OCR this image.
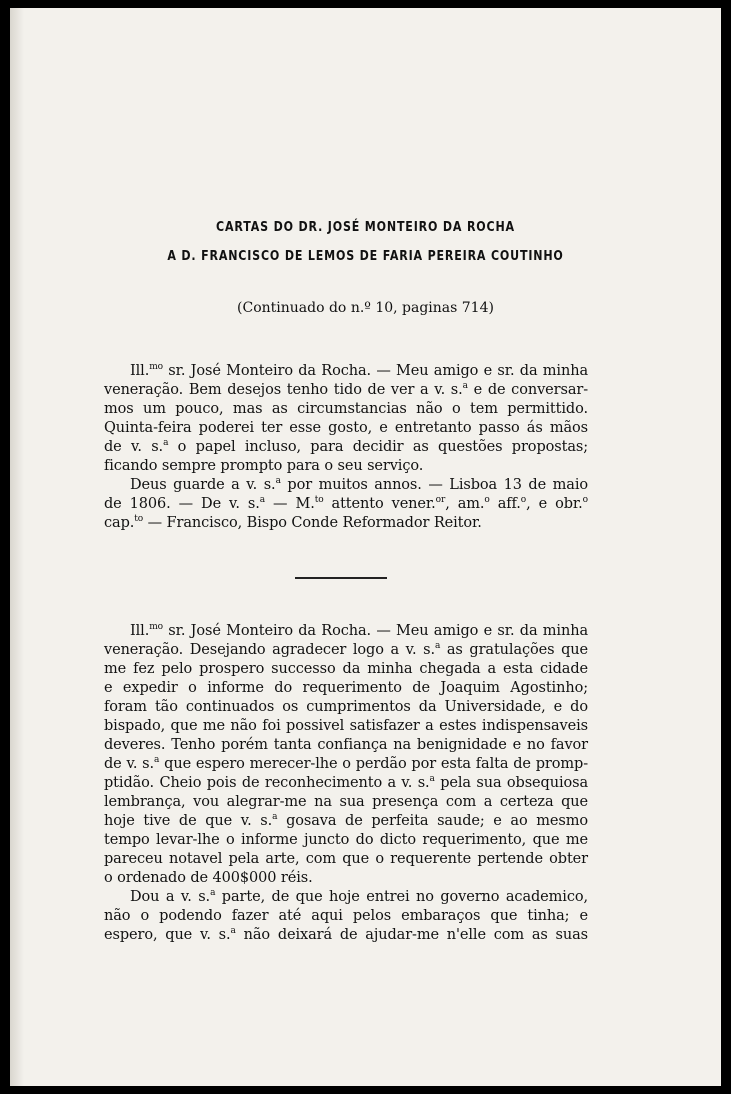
CARTAS DO DR. JOSÉ MONTEIRO DA ROCHA
A D. FRANCISCO DE LEMOS DE FARIA PEREIRA COUTINHO
(Continuado do n.º 10, paginas 714)
Ill.$^{mo}$ sr. José Monteiro da Rocha. — Meu amigo e sr. da minha
veneração. Bem desejos tenho tido de ver a v. s.$^a$ e de conversar-
mos um pouco, mas as circumstancias não o tem permittido.
Quinta-feira poderei ter esse gosto, e entretanto passo ás mãos
de v. s.$^a$ o papel incluso, para decidir as questões propostas;
ficando sempre prompto para o seu serviço.
Deus guarde a v. s.$^a$ por muitos annos. — Lisboa 13 de maio
de 1806. — De v. s.$^a$ — M.$^{to}$ attento vener.$^{or}$, am.$^o$ aff.$^o$, e obr.$^o$
cap.$^{to}$ — Francisco, Bispo Conde Reformador Reitor.
Ill.$^{mo}$ sr. José Monteiro da Rocha. — Meu amigo e sr. da minha
veneração. Desejando agradecer logo a v. s.$^a$ as gratulações que
me fez pelo prospero successo da minha chegada a esta cidade
e expedir o informe do requerimento de Joaquim Agostinho;
foram tão continuados os cumprimentos da Universidade, e do
bispado, que me não foi possivel satisfazer a estes indispensaveis
deveres. Tenho porém tanta confiança na benignidade e no favor
de v. s.$^a$ que espero merecer-lhe o perdão por esta falta de promp-
ptidão. Cheio pois de reconhecimento a v. s.$^a$ pela sua obsequiosa
lembrança, vou alegrar-me na sua presença com a certeza que
hoje tive de que v. s.$^a$ gosava de perfeita saude; e ao mesmo
tempo levar-lhe o informe juncto do dicto requerimento, que me
pareceu notavel pela arte, com que o requerente pertende obter
o ordenado de 400$000 réis.
Dou a v. s.$^a$ parte, de que hoje entrei no governo academico,
não o podendo fazer até aqui pelos embaraços que tinha; e
espero, que v. s.$^a$ não deixará de ajudar-me n'elle com as suas
